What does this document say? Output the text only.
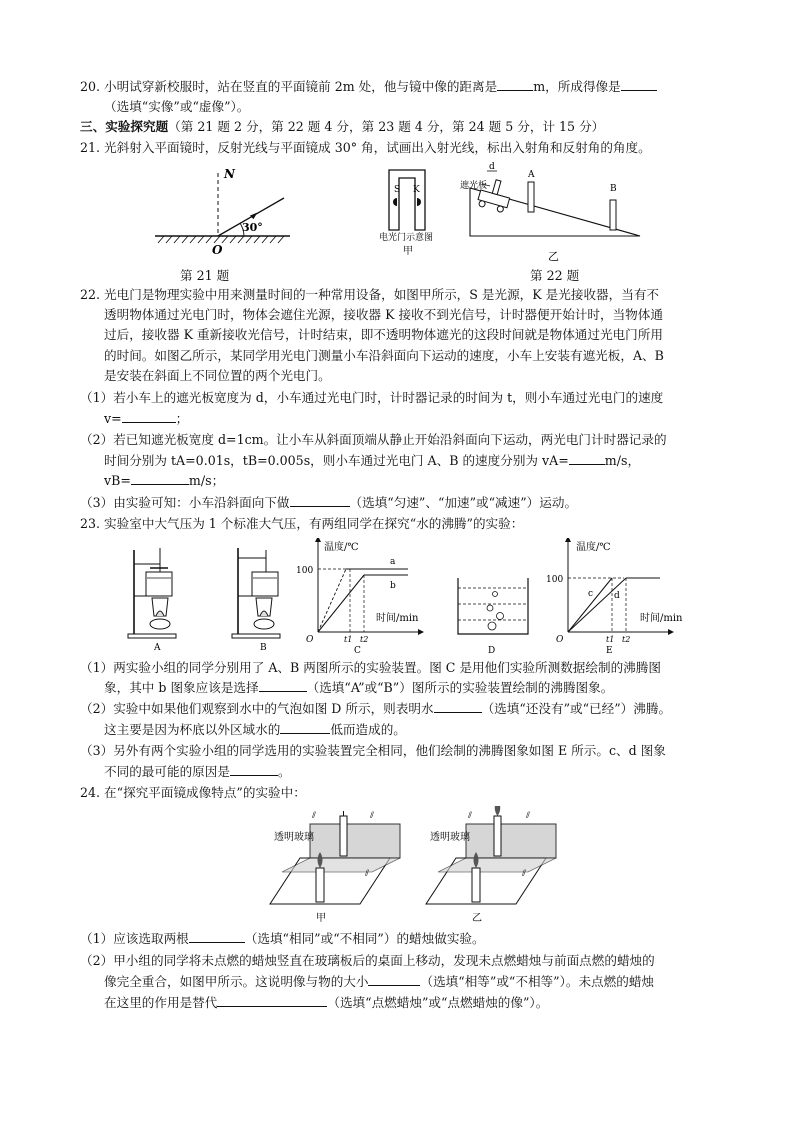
20. 小明试穿新校服时，站在竖直的平面镜前 2m 处，他与镜中像的距离是	m，所成得像是
（选填“实像”或“虚像”）。
三、实验探究题（第 21 题 2 分，第 22 题 4 分，第 23 题 4 分，第 24 题 5 分，计 15 分）
21. 光斜射入平面镜时，反射光线与平面镜成 30° 角，试画出入射光线，标出入射角和反射角的角度。
N
O
30°
第 21 题
S K
电光门示意图
甲
d
遮光板
A
B
乙
第 22 题
22. 光电门是物理实验中用来测量时间的一种常用设备，如图甲所示，S 是光源，K 是光接收器，当有不
透明物体通过光电门时，物体会遮住光源，接收器 K 接收不到光信号，计时器便开始计时，当物体通
过后，接收器 K 重新接收光信号，计时结束，即不透明物体遮光的这段时间就是物体通过光电门所用
的时间。如图乙所示，某同学用光电门测量小车沿斜面向下运动的速度，小车上安装有遮光板，A、B
是安装在斜面上不同位置的两个光电门。
（1）若小车上的遮光板宽度为 d，小车通过光电门时，计时器记录的时间为 t，则小车通过光电门的速度
v=	；
（2）若已知遮光板宽度 d=1cm。让小车从斜面顶端从静止开始沿斜面向下运动，两光电门计时器记录的
时间分别为 tA=0.01s，tB=0.005s，则小车通过光电门 A、B 的速度分别为 vA=	m/s，
vB=	m/s；
（3）由实验可知：小车沿斜面向下做	（选填“匀速”、“加速”或“减速”）运动。
23. 实验室中大气压为 1 个标准大气压，有两组同学在探究“水的沸腾”的实验：
A	B
温度/℃
时间/min
100
O	t1 t2
a
b
C	D
温度/℃
时间/min
100
O	t1 t2
c d
E
（1）两实验小组的同学分别用了 A、B 两图所示的实验装置。图 C 是用他们实验所测数据绘制的沸腾图
象，其中 b 图象应该是选择	（选填“A”或“B”）图所示的实验装置绘制的沸腾图象。
（2）实验中如果他们观察到水中的气泡如图 D 所示，则表明水	（选填“还没有”或“已经”）沸腾。
这主要是因为杯底以外区域水的	低而造成的。
（3）另外有两个实验小组的同学选用的实验装置完全相同，他们绘制的沸腾图象如图 E 所示。c、d 图象
不同的最可能的原因是	。
24. 在“探究平面镜成像特点”的实验中：
透明玻璃
⫽	⫽
⫽
甲
透明玻璃
⫽	⫽
⫽
乙
（1）应该选取两根	（选填“相同”或“不相同”）的蜡烛做实验。
（2）甲小组的同学将未点燃的蜡烛竖直在玻璃板后的桌面上移动，发现未点燃蜡烛与前面点燃的蜡烛的
像完全重合，如图甲所示。这说明像与物的大小	（选填“相等”或“不相等”）。未点燃的蜡烛
在这里的作用是替代	（选填“点燃蜡烛”或“点燃蜡烛的像”）。
